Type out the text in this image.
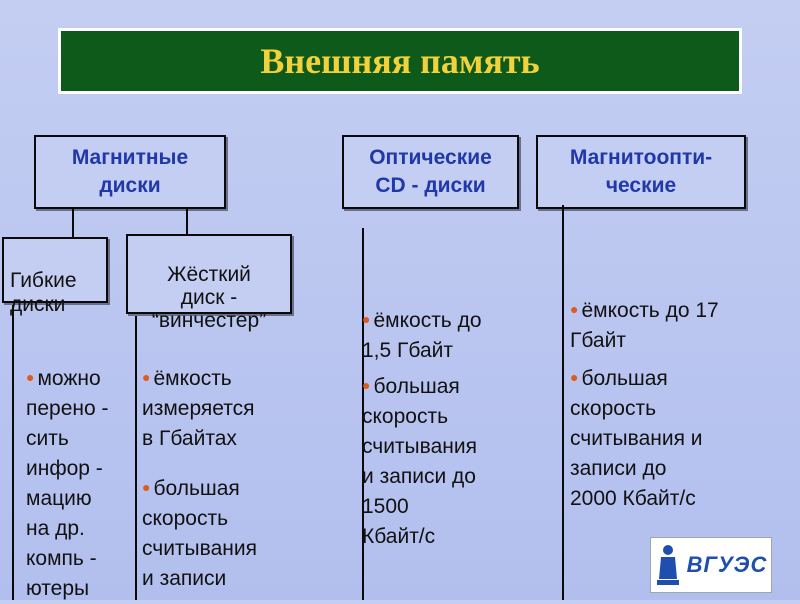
Внешняя память
Магнитные
диски
Оптические
CD - диски
Магнитоопти-
ческие

Гибкие
диски

Жёсткий
диск -
“винчестер”

● можно
перено -
сить
инфор -
мацию
на др.
компь -
ютеры

● ёмкость
измеряется
в Гбайтах

● большая
скорость
считывания
и записи

● ёмкость до
1,5 Гбайт

● большая
скорость
считывания
и записи до
1500
Кбайт/с

● ёмкость до 17
Гбайт

● большая
скорость
считывания и
записи до
2000 Кбайт/с

ВГУЭС
